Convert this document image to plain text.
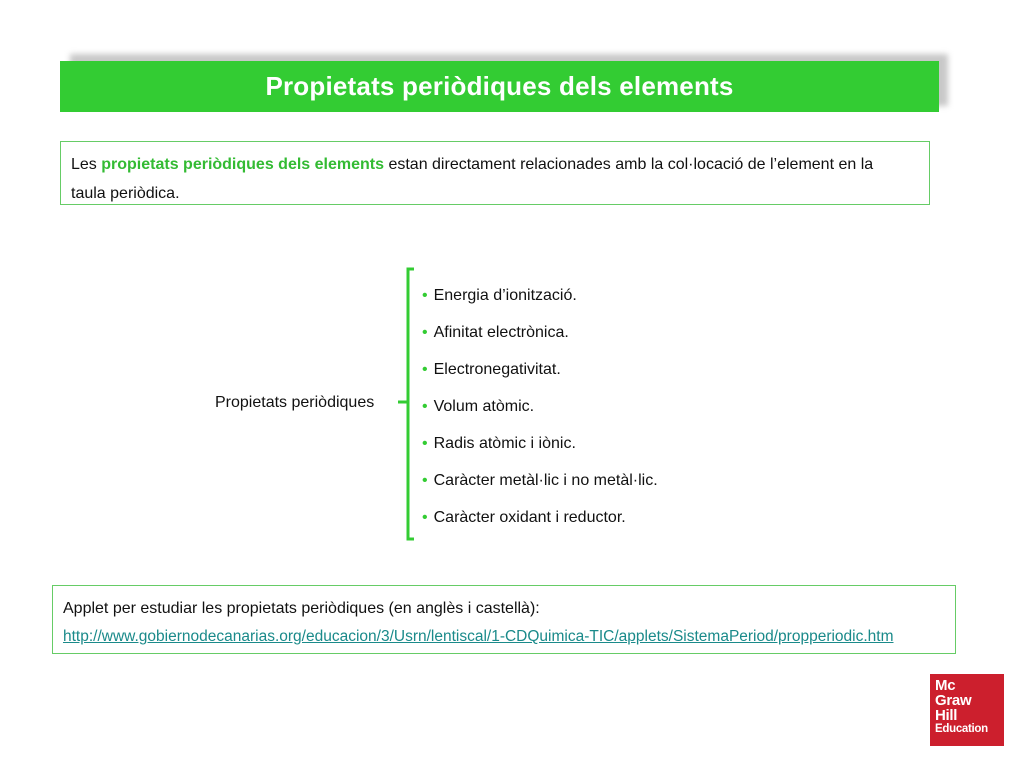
Propietats periòdiques dels elements
Les propietats periòdiques dels elements estan directament relacionades amb la col·locació de l’element en la
taula periòdica.
Propietats periòdiques
• Energia d’ionització.
• Afinitat electrònica.
• Electronegativitat.
• Volum atòmic.
• Radis atòmic i iònic.
• Caràcter metàl·lic i no metàl·lic.
• Caràcter oxidant i reductor.
Applet per estudiar les propietats periòdiques (en anglès i castellà):
http://www.gobiernodecanarias.org/educacion/3/Usrn/lentiscal/1-CDQuimica-TIC/applets/SistemaPeriod/propperiodic.htm
Mc
Graw
Hill
Education
